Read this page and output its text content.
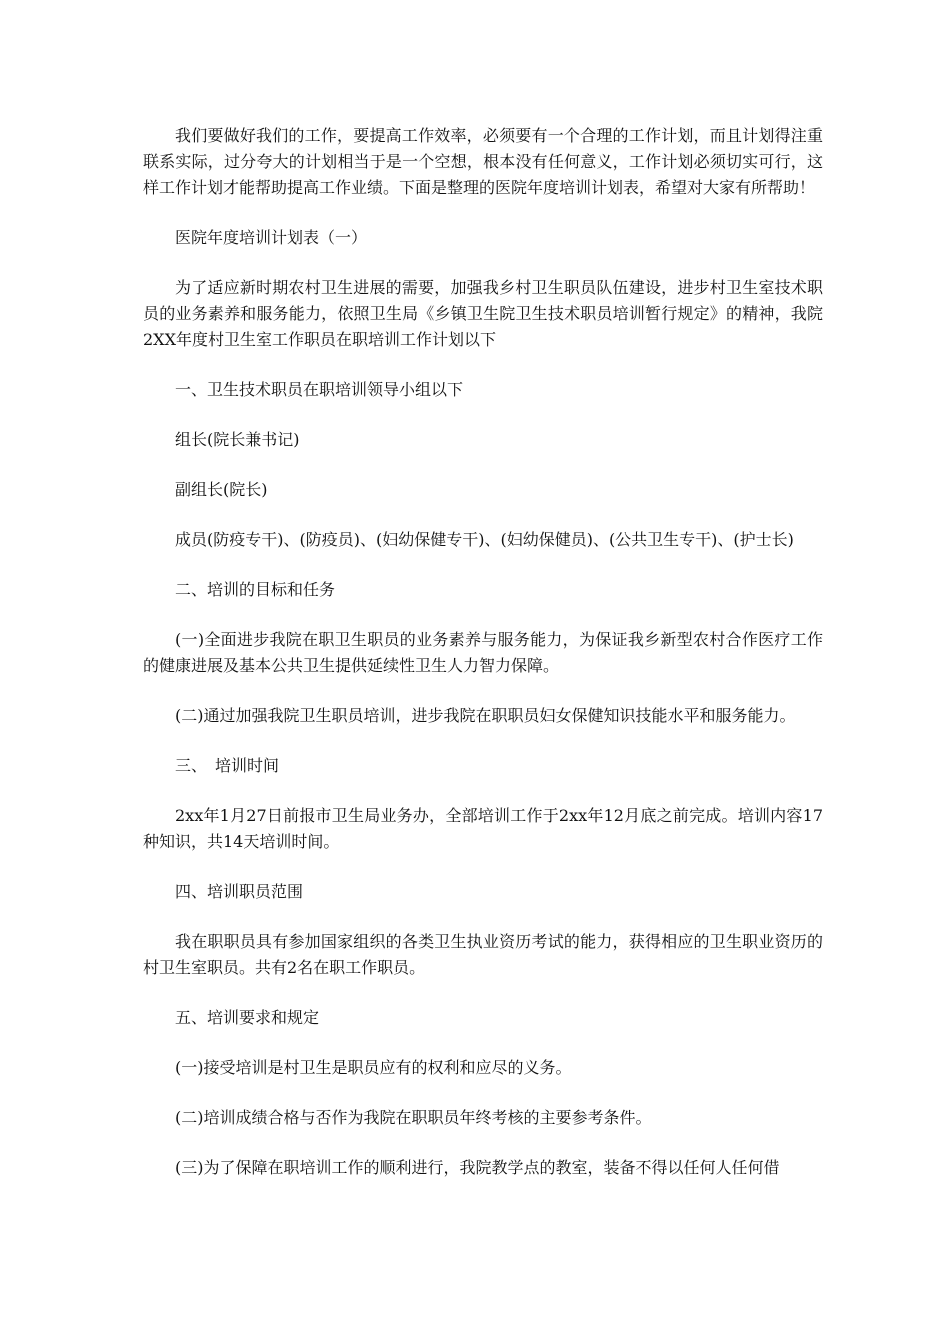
我们要做好我们的工作，要提高工作效率，必须要有一个合理的工作计划，而且计划得注重联系实际，过分夸大的计划相当于是一个空想，根本没有任何意义，工作计划必须切实可行，这样工作计划才能帮助提高工作业绩。下面是整理的医院年度培训计划表，希望对大家有所帮助！

医院年度培训计划表（一）

为了适应新时期农村卫生进展的需要，加强我乡村卫生职员队伍建设，进步村卫生室技术职员的业务素养和服务能力，依照卫生局《乡镇卫生院卫生技术职员培训暂行规定》的精神，我院2XX年度村卫生室工作职员在职培训工作计划以下

一、卫生技术职员在职培训领导小组以下

组长(院长兼书记)

副组长(院长)

成员(防疫专干)、(防疫员)、(妇幼保健专干)、(妇幼保健员)、(公共卫生专干)、(护士长)

二、培训的目标和任务

(一)全面进步我院在职卫生职员的业务素养与服务能力，为保证我乡新型农村合作医疗工作的健康进展及基本公共卫生提供延续性卫生人力智力保障。

(二)通过加强我院卫生职员培训，进步我院在职职员妇女保健知识技能水平和服务能力。

三、　培训时间

2xx年1月27日前报市卫生局业务办，全部培训工作于2xx年12月底之前完成。培训内容17种知识，共14天培训时间。

四、培训职员范围

我在职职员具有参加国家组织的各类卫生执业资历考试的能力，获得相应的卫生职业资历的村卫生室职员。共有2名在职工作职员。

五、培训要求和规定

(一)接受培训是村卫生是职员应有的权利和应尽的义务。

(二)培训成绩合格与否作为我院在职职员年终考核的主要参考条件。

(三)为了保障在职培训工作的顺利进行，我院教学点的教室，装备不得以任何人任何借
